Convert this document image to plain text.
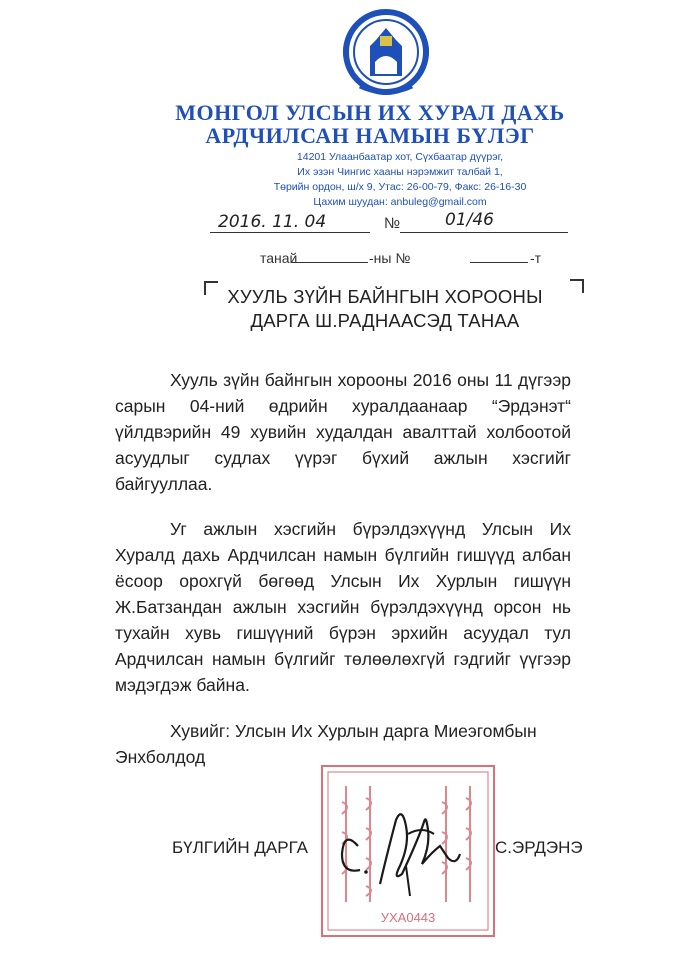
МОНГОЛ УЛСЫН ИХ ХУРАЛ ДАХЬ
АРДЧИЛСАН НАМЫН БҮЛЭГ
14201 Улаанбаатар хот, Сүхбаатар дүүрэг,
Их эзэн Чингис хааны нэрэмжит талбай 1,
Төрийн ордон, ш/х 9, Утас: 26-00-79, Факс: 26-16-30
Цахим шуудан: anbuleg@gmail.com
2016. 11. 04	№	01/46
танай	-ны №	-т
ХУУЛЬ ЗҮЙН БАЙНГЫН ХОРООНЫ
ДАРГА Ш.РАДНААСЭД ТАНАА
Хууль зүйн байнгын хорооны 2016 оны 11 дүгээр
сарын 04-ний өдрийн хуралдаанаар “Эрдэнэт“
үйлдвэрийн 49 хувийн худалдан авалттай холбоотой
асуудлыг судлах үүрэг бүхий ажлын хэсгийг
байгууллаа.
Уг ажлын хэсгийн бүрэлдэхүүнд Улсын Их
Хуралд дахь Ардчилсан намын бүлгийн гишүүд албан
ёсоор орохгүй бөгөөд Улсын Их Хурлын гишүүн
Ж.Батзандан ажлын хэсгийн бүрэлдэхүүнд орсон нь
тухайн хувь гишүүний бүрэн эрхийн асуудал тул
Ардчилсан намын бүлгийг төлөөлөхгүй гэдгийг үүгээр
мэдэгдэж байна.
Хувийг: Улсын Их Хурлын дарга Миеэгомбын
Энхболдод
УХА0443
БҮЛГИЙН ДАРГА	С.ЭРДЭНЭ
